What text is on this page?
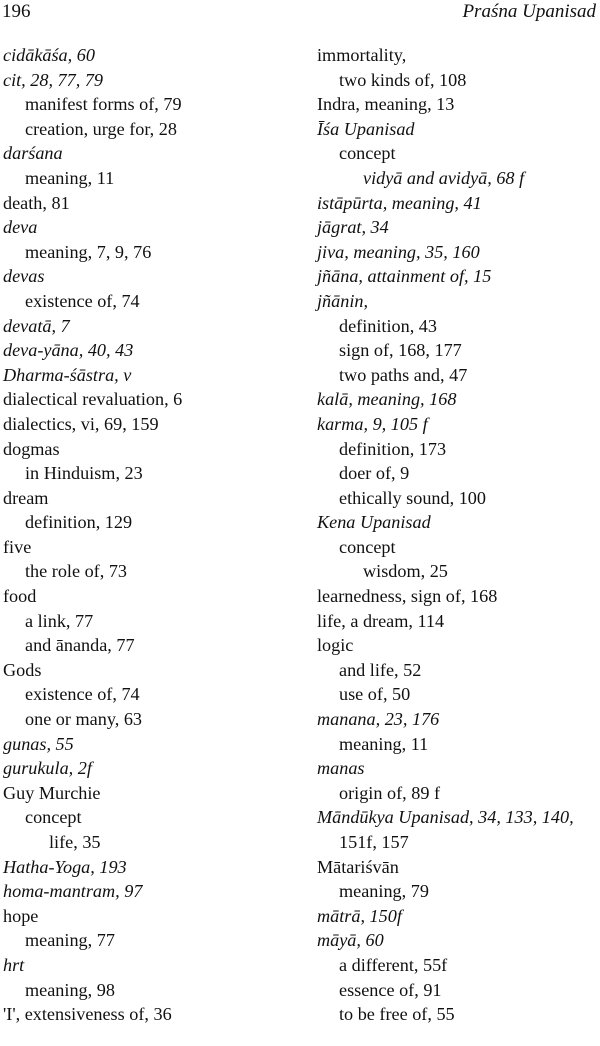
196	Praśna Upanisad
cidākāśa, 60
cit, 28, 77, 79
manifest forms of, 79
creation, urge for, 28
darśana
meaning, 11
death, 81
deva
meaning, 7, 9, 76
devas
existence of, 74
devatā, 7
deva-yāna, 40, 43
Dharma-śāstra, v
dialectical revaluation, 6
dialectics, vi, 69, 159
dogmas
in Hinduism, 23
dream
definition, 129
five
the role of, 73
food
a link, 77
and ānanda, 77
Gods
existence of, 74
one or many, 63
gunas, 55
gurukula, 2f
Guy Murchie
concept
life, 35
Hatha-Yoga, 193
homa-mantram, 97
hope
meaning, 77
hrt
meaning, 98
'I', extensiveness of, 36
immortality,
two kinds of, 108
Indra, meaning, 13
Īśa Upanisad
concept
vidyā and avidyā, 68 f
istāpūrta, meaning, 41
jāgrat, 34
jiva, meaning, 35, 160
jñāna, attainment of, 15
jñānin,
definition, 43
sign of, 168, 177
two paths and, 47
kalā, meaning, 168
karma, 9, 105 f
definition, 173
doer of, 9
ethically sound, 100
Kena Upanisad
concept
wisdom, 25
learnedness, sign of, 168
life, a dream, 114
logic
and life, 52
use of, 50
manana, 23, 176
meaning, 11
manas
origin of, 89 f
Māndūkya Upanisad, 34, 133, 140,
151f, 157
Mātariśvān
meaning, 79
mātrā, 150f
māyā, 60
a different, 55f
essence of, 91
to be free of, 55
